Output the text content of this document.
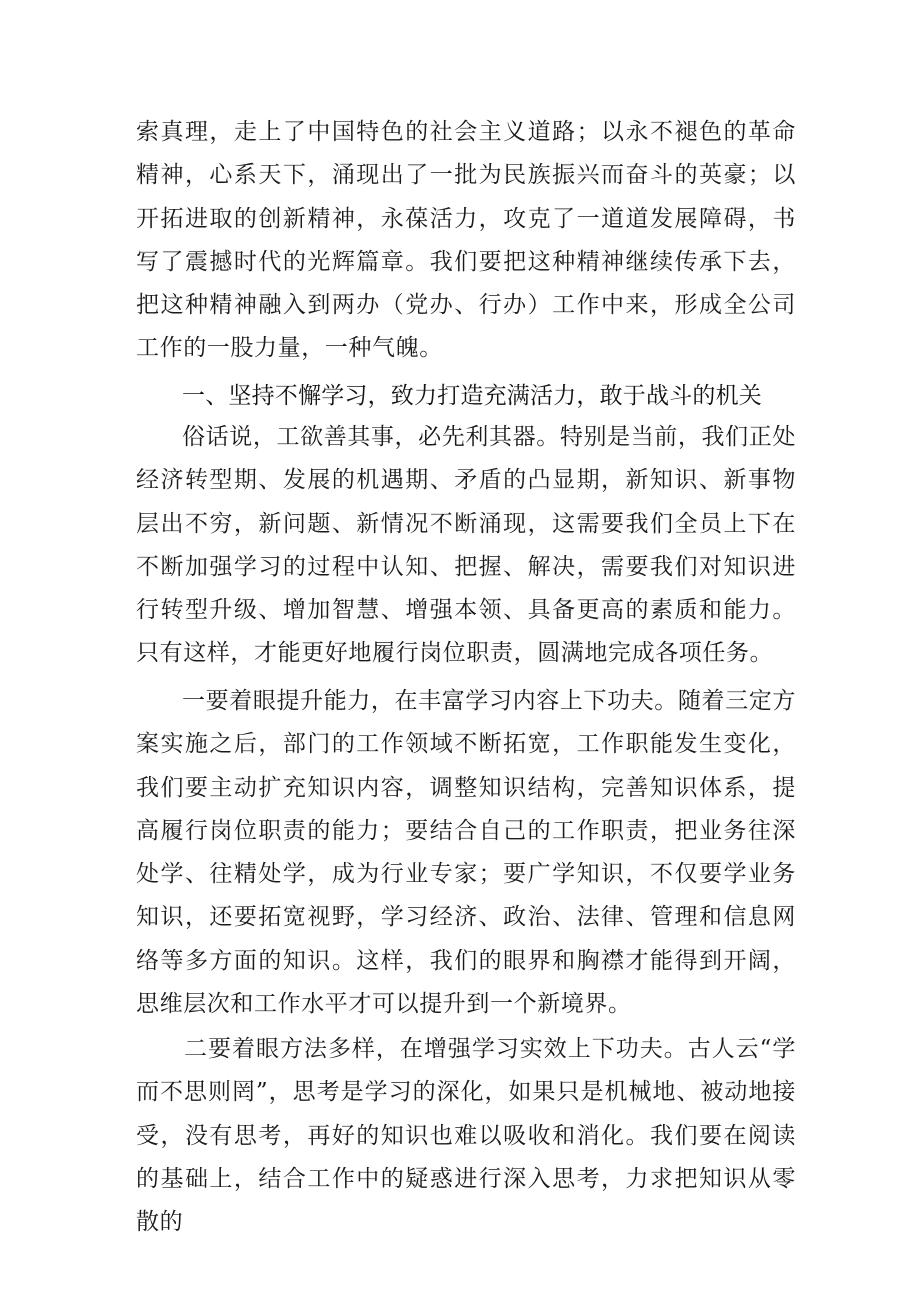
索真理，走上了中国特色的社会主义道路；以永不褪色的革命精神，心系天下，涌现出了一批为民族振兴而奋斗的英豪；以开拓进取的创新精神，永葆活力，攻克了一道道发展障碍，书写了震撼时代的光辉篇章。我们要把这种精神继续传承下去，把这种精神融入到两办（党办、行办）工作中来，形成全公司工作的一股力量，一种气魄。

一、坚持不懈学习，致力打造充满活力，敢于战斗的机关

俗话说，工欲善其事，必先利其器。特别是当前，我们正处经济转型期、发展的机遇期、矛盾的凸显期，新知识、新事物层出不穷，新问题、新情况不断涌现，这需要我们全员上下在不断加强学习的过程中认知、把握、解决，需要我们对知识进行转型升级、增加智慧、增强本领、具备更高的素质和能力。只有这样，才能更好地履行岗位职责，圆满地完成各项任务。

一要着眼提升能力，在丰富学习内容上下功夫。随着三定方案实施之后，部门的工作领域不断拓宽，工作职能发生变化，我们要主动扩充知识内容，调整知识结构，完善知识体系，提高履行岗位职责的能力；要结合自己的工作职责，把业务往深处学、往精处学，成为行业专家；要广学知识，不仅要学业务知识，还要拓宽视野，学习经济、政治、法律、管理和信息网络等多方面的知识。这样，我们的眼界和胸襟才能得到开阔，思维层次和工作水平才可以提升到一个新境界。

二要着眼方法多样，在增强学习实效上下功夫。古人云“学而不思则罔”，思考是学习的深化，如果只是机械地、被动地接受，没有思考，再好的知识也难以吸收和消化。我们要在阅读的基础上，结合工作中的疑惑进行深入思考，力求把知识从零散的
